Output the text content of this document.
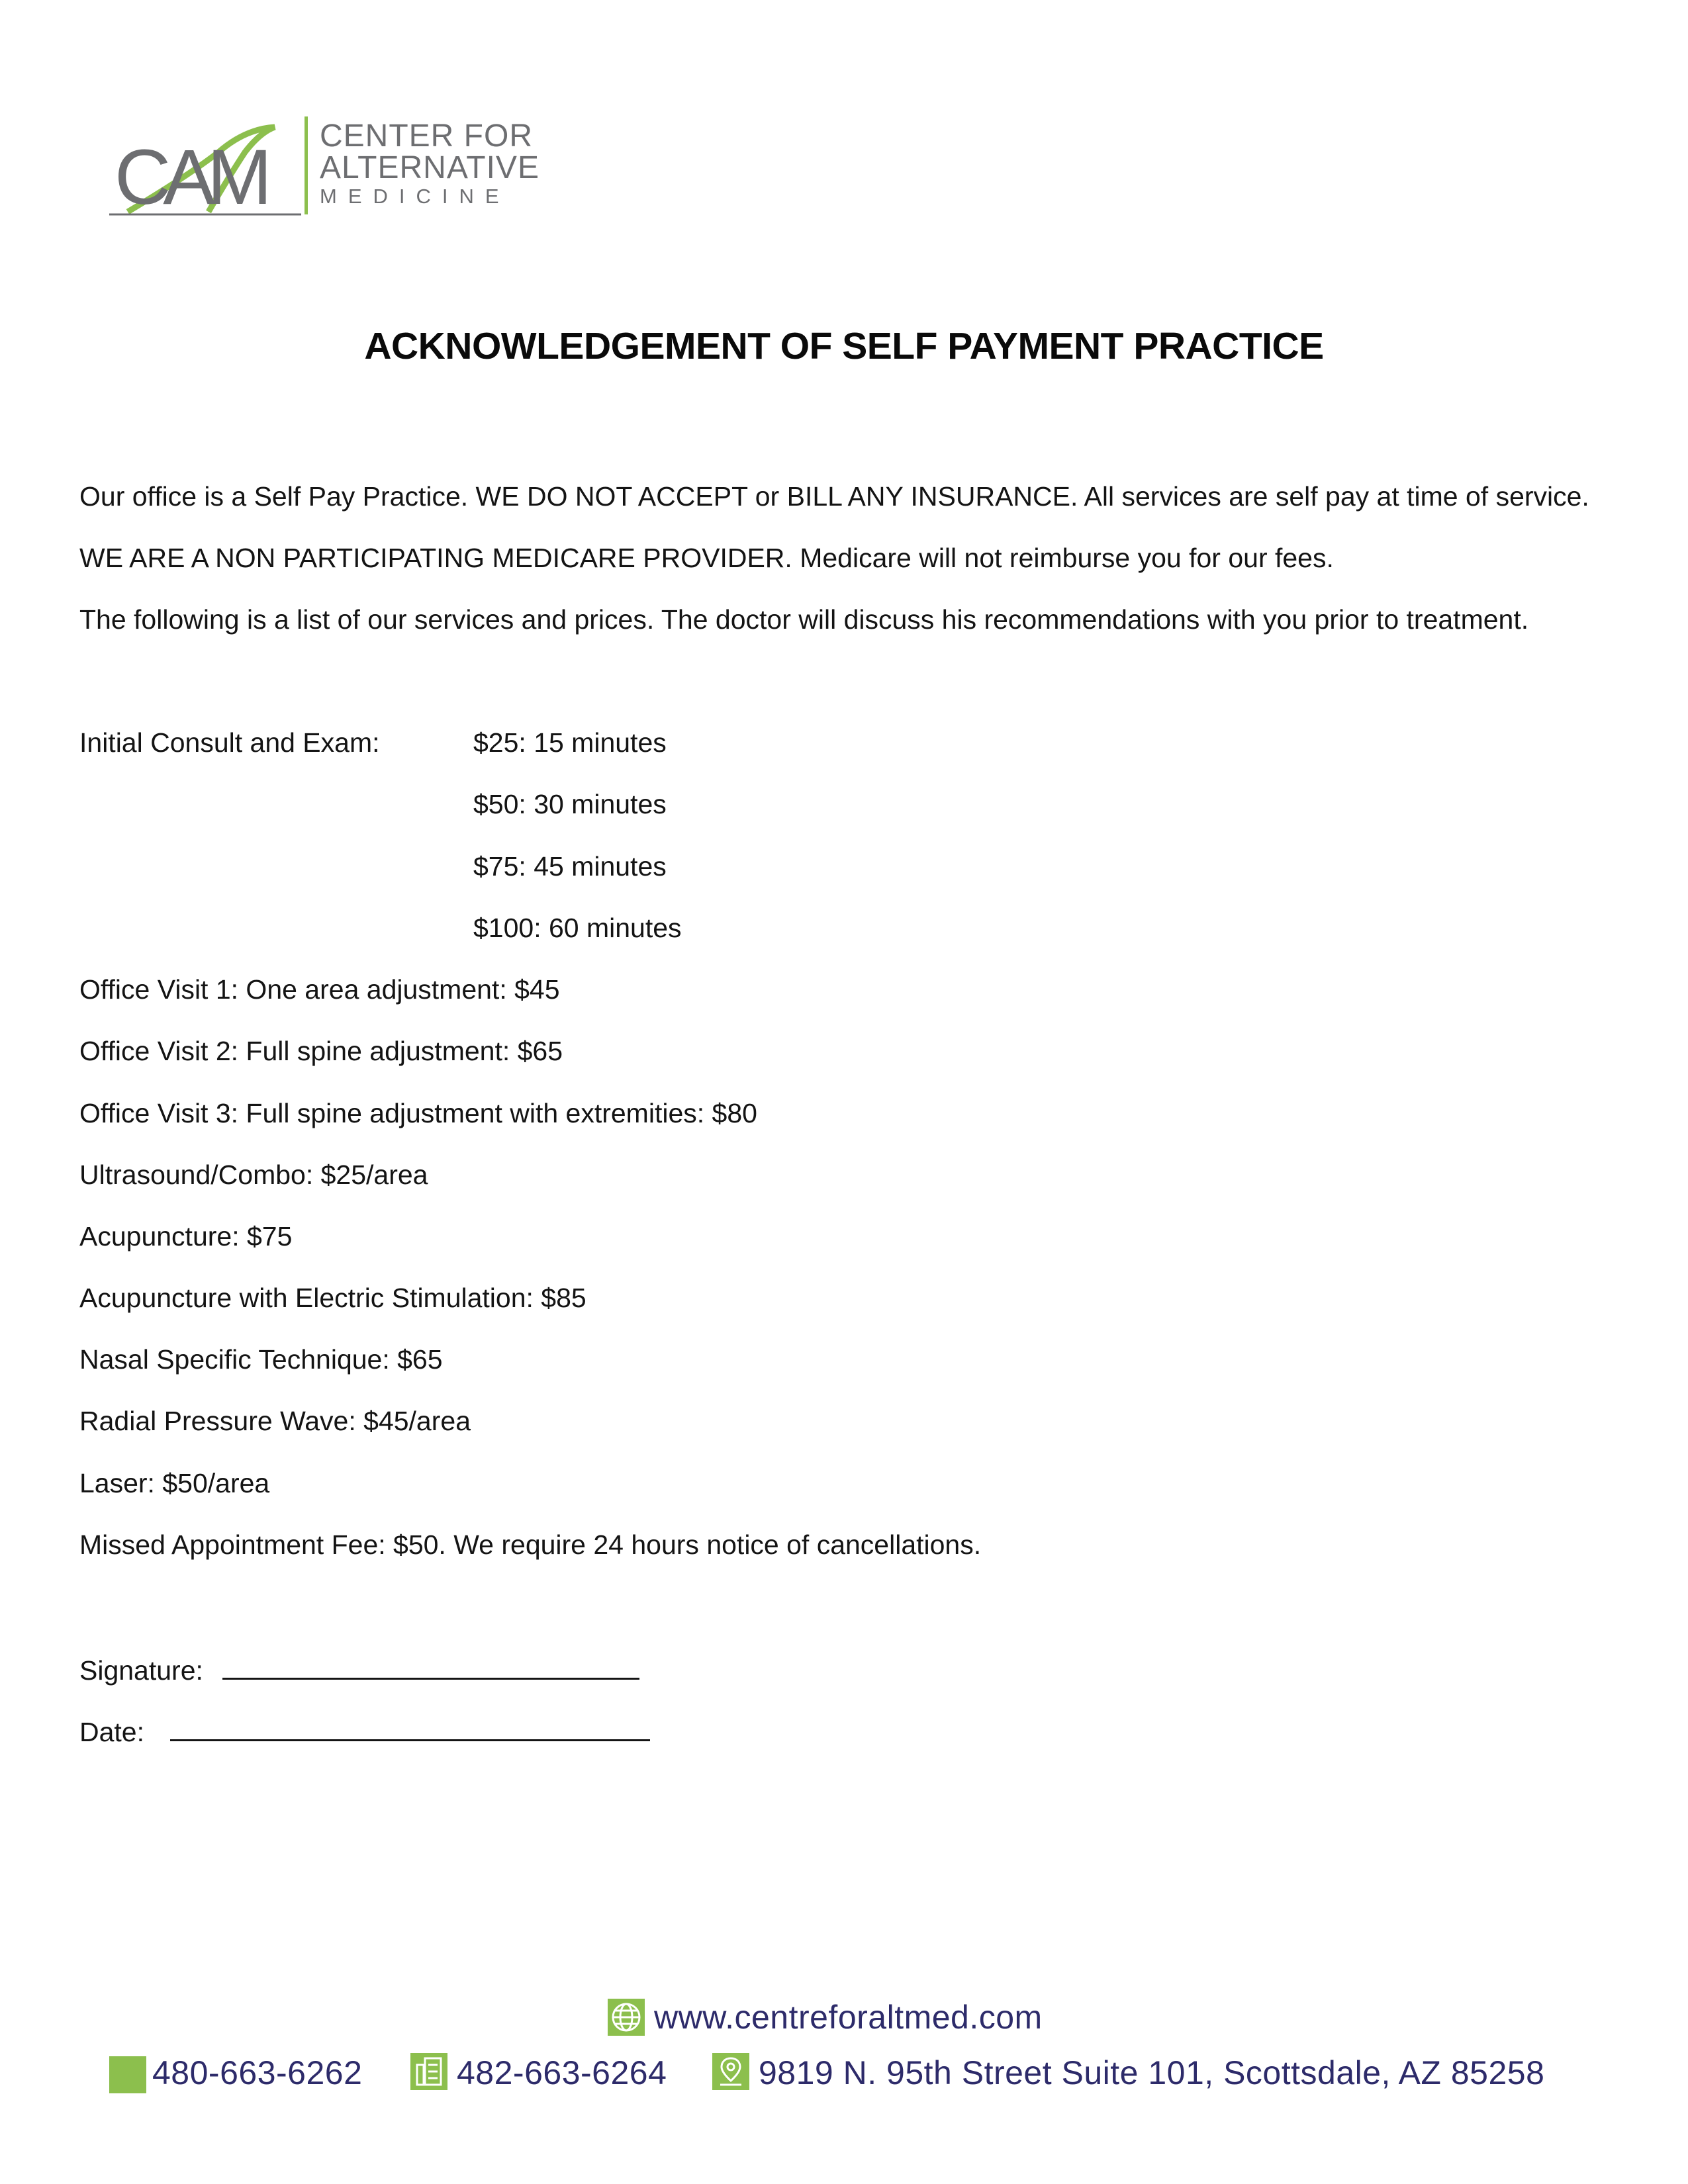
CAM CENTER FOR
ALTERNATIVE
MEDICINE
ACKNOWLEDGEMENT OF SELF PAYMENT PRACTICE
Our office is a Self Pay Practice. WE DO NOT ACCEPT or BILL ANY INSURANCE. All services are self pay at time of service.
WE ARE A NON PARTICIPATING MEDICARE PROVIDER. Medicare will not reimburse you for our fees.
The following is a list of our services and prices. The doctor will discuss his recommendations with you prior to treatment.
Initial Consult and Exam:	$25: 15 minutes
$50: 30 minutes
$75: 45 minutes
$100: 60 minutes
Office Visit 1: One area adjustment: $45
Office Visit 2: Full spine adjustment: $65
Office Visit 3: Full spine adjustment with extremities: $80
Ultrasound/Combo: $25/area
Acupuncture: $75
Acupuncture with Electric Stimulation: $85
Nasal Specific Technique: $65
Radial Pressure Wave: $45/area
Laser: $50/area
Missed Appointment Fee: $50. We require 24 hours notice of cancellations.
Signature:
Date:
www.centreforaltmed.com
480-663-6262	482-663-6264	9819 N. 95th Street Suite 101, Scottsdale, AZ 85258
